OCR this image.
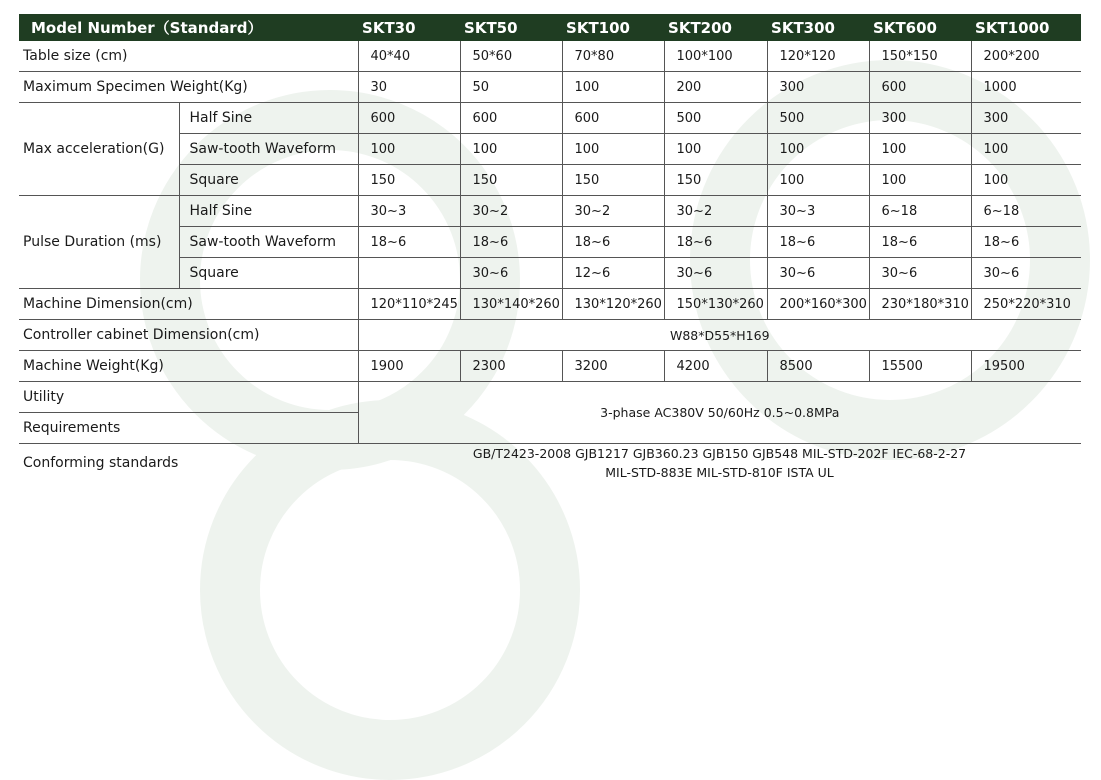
Model Number（Standard）		SKT30	SKT50	SKT100	SKT200	SKT300	SKT600	SKT1000
Table size (cm)		40*40	50*60	70*80	100*100	120*120	150*150	200*200
Maximum Specimen Weight(Kg)		30	50	100	200	300	600	1000
Max acceleration(G)	Half Sine	600	600	600	500	500	300	300
	Saw-tooth Waveform	100	100	100	100	100	100	100
	Square	150	150	150	150	100	100	100
Pulse Duration (ms)	Half Sine	30~3	30~2	30~2	30~2	30~3	6~18	6~18
	Saw-tooth Waveform	18~6	18~6	18~6	18~6	18~6	18~6	18~6
	Square		30~6	12~6	30~6	30~6	30~6	30~6
Machine Dimension(cm)		120*110*245	130*140*260	130*120*260	150*130*260	200*160*300	230*180*310	250*220*310
Controller cabinet Dimension(cm)		W88*D55*H169						
Machine Weight(Kg)		1900	2300	3200	4200	8500	15500	19500
Utility		3-phase AC380V 50/60Hz 0.5~0.8MPa						
Requirements								
Conforming standards		GB/T2423-2008 GJB1217 GJB360.23 GJB150 GJB548 MIL-STD-202F IEC-68-2-27
MIL-STD-883E MIL-STD-810F ISTA UL						
